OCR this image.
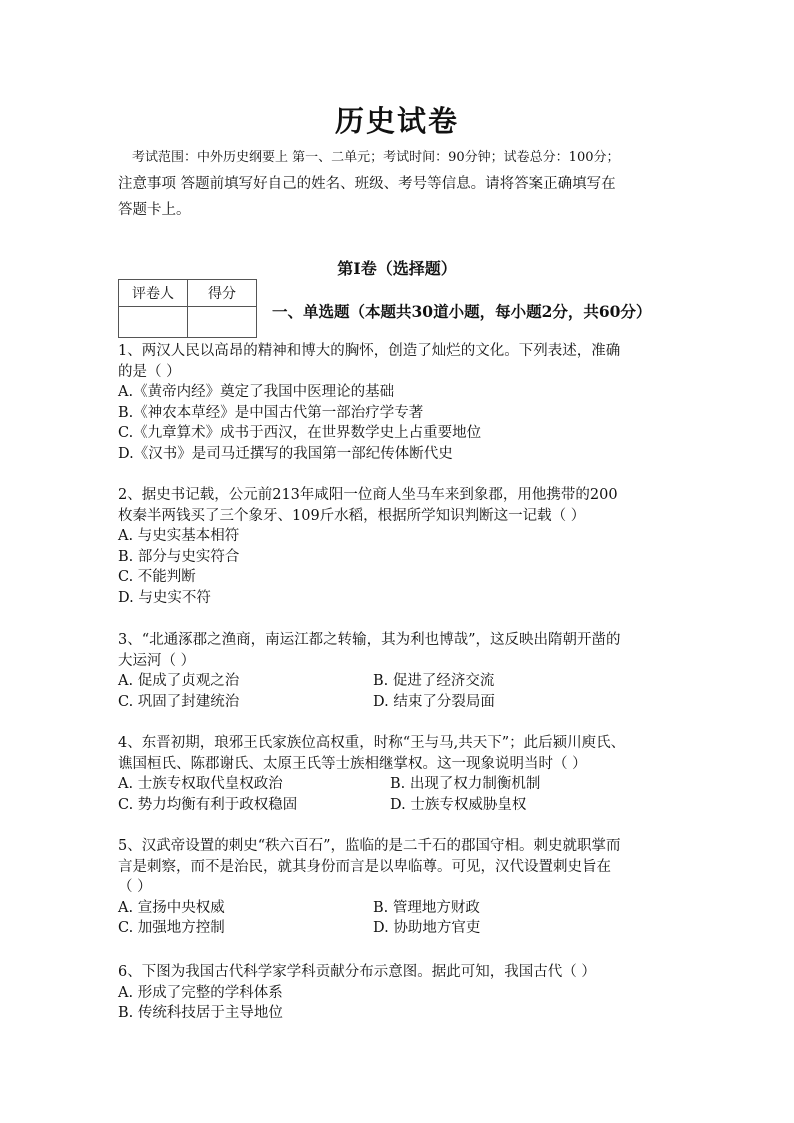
历史试卷
考试范围：中外历史纲要上 第一、二单元；考试时间：90分钟；试卷总分：100分；
注意事项 答题前填写好自己的姓名、班级、考号等信息。请将答案正确填写在
答题卡上。
第Ⅰ卷（选择题）
评卷人	得分

一、单选题（本题共30道小题，每小题2分，共60分）

1、两汉人民以高昂的精神和博大的胸怀，创造了灿烂的文化。下列表述，准确

的是（ ）

A.《黄帝内经》奠定了我国中医理论的基础

B.《神农本草经》是中国古代第一部治疗学专著

C.《九章算术》成书于西汉，在世界数学史上占重要地位

D.《汉书》是司马迁撰写的我国第一部纪传体断代史

2、据史书记载，公元前213年咸阳一位商人坐马车来到象郡，用他携带的200

枚秦半两钱买了三个象牙、109斤水稻，根据所学知识判断这一记载（ ）

A. 与史实基本相符

B. 部分与史实符合

C. 不能判断

D. 与史实不符

3、“北通涿郡之渔商，南运江都之转输，其为利也博哉”，这反映出隋朝开凿的

大运河（ ）

A. 促成了贞观之治	B. 促进了经济交流
C. 巩固了封建统治	D. 结束了分裂局面

4、东晋初期，琅邪王氏家族位高权重，时称“王与马,共天下”；此后颍川庾氏、

谯国桓氏、陈郡谢氏、太原王氏等士族相继掌权。这一现象说明当时（ ）

A. 士族专权取代皇权政治	B. 出现了权力制衡机制
C. 势力均衡有利于政权稳固	D. 士族专权威胁皇权

5、汉武帝设置的刺史“秩六百石”，监临的是二千石的郡国守相。刺史就职掌而

言是刺察，而不是治民，就其身份而言是以卑临尊。可见，汉代设置刺史旨在

（ ）

A. 宣扬中央权威	B. 管理地方财政
C. 加强地方控制	D. 协助地方官吏

6、下图为我国古代科学家学科贡献分布示意图。据此可知，我国古代（ ）

A. 形成了完整的学科体系

B. 传统科技居于主导地位
